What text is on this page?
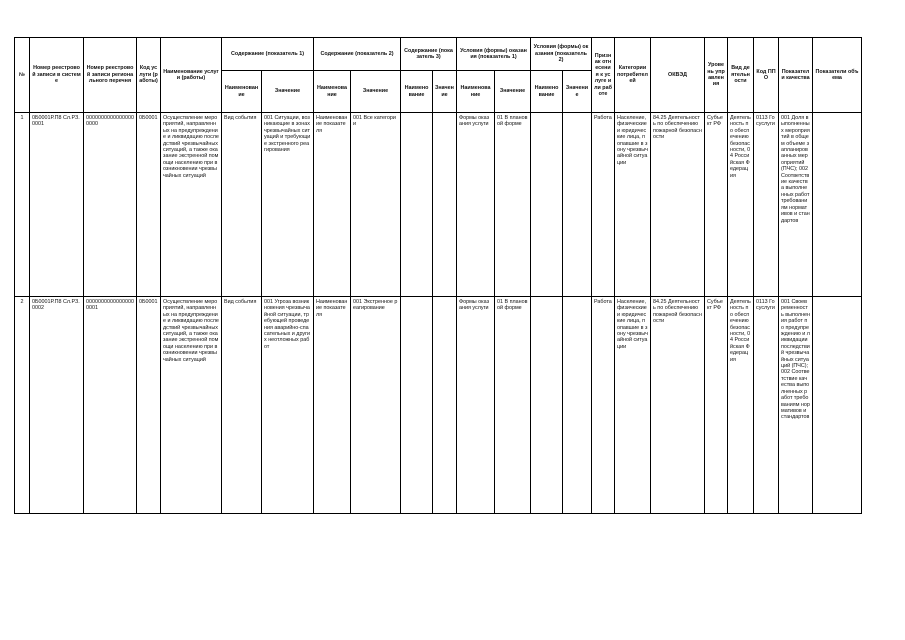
№	Номер реестровой записи в системе	Номер реестровой записи регионального перечня	Код услуги (работы)	Наименование услуги (работы)	Содержание (показатель 1)		Содержание (показатель 2)		Содержание (показатель 3)		Условия (формы) оказания (показатель 1)		Условия (формы) оказания (показатель 2)		Признак отнесения к услуге или работе	Категории потребителей	ОКВЭД	Уровень управления	Вид деятельности	Код ППО	Показатели качества	Показатели объема
					Наименование	Значение	Наименование	Значение	Наименование	Значение	Наименование	Значение	Наименование	Значение								
1	0Б0001Р.П8 Сл.РЗ.0001	00000000000000000000	0Б0001	Осуществление мероприятий, направленных на предупреждение и ликвидацию последствий чрезвычайных ситуаций, а также оказание экстренной помощи населению при возникновении чрезвычайных ситуаций	Вид события	001 Ситуации, возникающие в зонах чрезвычайных ситуаций и требующие экстренного реагирования	Наименование показателя	001 Все категории			Формы оказания услуги	01 В плановой форме			Работа	Население, физические и юридические лица, попавшие в зону чрезвычайной ситуации	84.25 Деятельность по обеспечению пожарной безопасности	Субъект РФ	Деятельность по обеспечению безопасности, 04 Российская Федерация	0113 Госуслуги	001 Доля выполненных мероприятий в общем объеме запланированных мероприятий (ПЧС); 002 Соответствие качества выполненных работ требованиям нормативов и стандартов	
2	0Б0001Р.П8 Сл.РЗ.0002	00000000000000000001	0Б0001	Осуществление мероприятий, направленных на предупреждение и ликвидацию последствий чрезвычайных ситуаций, а также оказание экстренной помощи населению при возникновении чрезвычайных ситуаций	Вид события	001 Угроза возникновения чрезвычайной ситуации, требующей проведения аварийно-спасательных и других неотложных работ	Наименование показателя	001 Экстренное реагирование			Формы оказания услуги	01 В плановой форме			Работа	Население, физические и юридические лица, попавшие в зону чрезвычайной ситуации	84.25 Деятельность по обеспечению пожарной безопасности	Субъект РФ	Деятельность по обеспечению безопасности, 04 Российская Федерация	0113 Госуслуги	001 Своевременность выполнения работ по предупреждению и ликвидации последствий чрезвычайных ситуаций (ПЧС); 002 Соответствие качества выполненных работ требованиям нормативов и стандартов	
